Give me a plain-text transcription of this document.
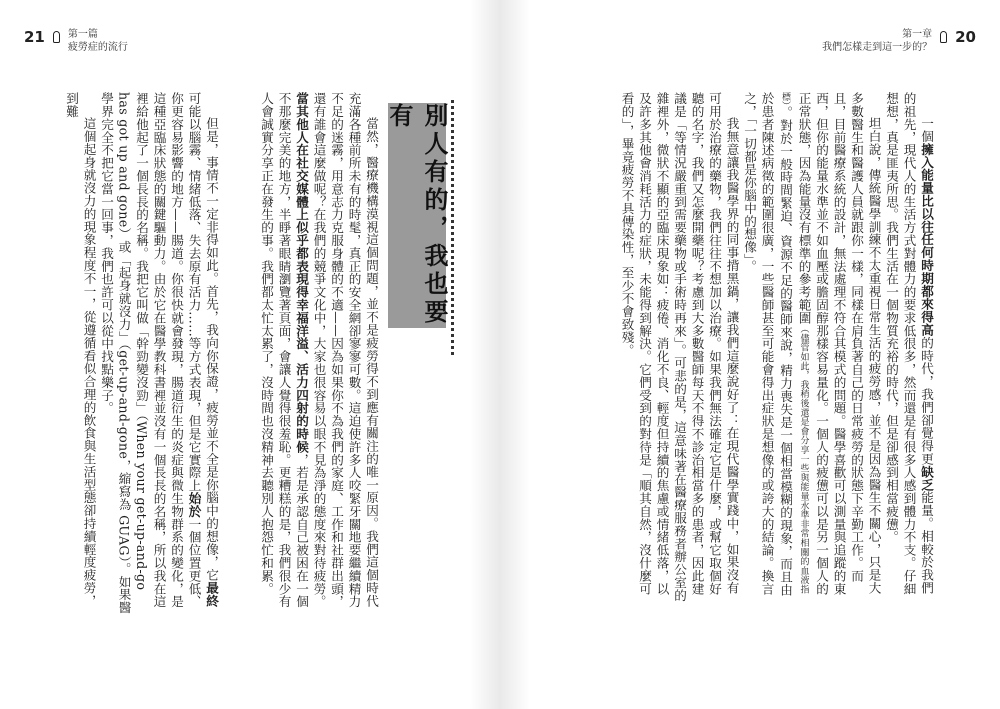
21 第一篇
疲勞症的流行
第一章
我們怎樣走到這一步的？
20

一個擁入能量比以往任何時期都來得高的時代，我們卻覺得更缺乏能量。相較於我們的祖先，現代人的生活方式對體力的要求低很多，然而還是有很多人感到體力不支。仔細想想，真是匪夷所思。我們生活在一個物質充裕的時代，但是卻感到相當疲憊。

坦白說，傳統醫學訓練不太重視日常生活的疲勞感，並不是因為醫生不關心，只是大多數醫生和醫護人員就跟你一樣，同樣在肩負著自己的日常疲勞的狀態下辛勤工作。而且，目前醫療系統的設計，無法處理不符合其模式的問題。醫學喜歡可以測量與追蹤的東西，但你的能量水準並不如血壓或膽固醇那樣容易量化。一個人的疲憊可以是另一個人的正常狀態，因為能量沒有標準的參考範圍（儘管如此，我稍後還是會分享一些與能量水準非常相關的血液指標）。對於一般時間緊迫、資源不足的醫師來說，精力喪失是一個相當模糊的現象，而且由於患者陳述病徵的範圍很廣，一些醫師甚至可能會得出症狀是想像的或誇大的結論。換言之，「一切都是你腦中的想像」。

我無意讓我醫學界的同事揹黑鍋，讓我們這麼說好了：在現代醫學實踐中，如果沒有可用於治療的藥物，我們往往不想加以治療。如果我們無法確定它是什麼，或幫它取個好聽的名字，我們又怎麼開藥呢？考慮到大多數醫師每天不得不診治相當多的患者，因此建議是「等情況嚴重到需要藥物或手術時再來」。可悲的是，這意味著在醫療服務者辦公室的雜裡外，微狀不顯的亞臨床現象如：疲倦、消化不良、輕度但持續的焦慮或情緒低落，以及許多其他會消耗活力的症狀，未能得到解決。它們受到的對待是「順其自然，沒什麼可看的」，畢竟疲勞不具傳染性，至少不會致殘。

別人有的，我也要有

當然，醫療機構漠視這個問題，並不是疲勞得不到應有關注的唯一原因。我們這個時代充滿各種前所未有的時髦，真正的安全網卻寥寥可數。這迫使許多人咬緊牙關地要繼續精力不足的迷霧，用意志力克服身體的不適——因為如果你不為我們的家庭、工作和社群出頭，還有誰會這麼做呢？在我們的競爭文化中，大家也很容易以眼不見為淨的態度來對待疲勞。當其他人在社交媒體上似乎都表現得幸福洋溢、活力四射的時候，若是承認自己被困在一個不那麼完美的地方，半睜著眼睛瀏覽著頁面，會讓人覺得很羞恥。更糟糕的是，我們很少有人會誠實分享正在發生的事。我們都太忙太累了，沒時間也沒精神去聽別人抱怨忙和累。

但是，事情不一定非得如此。首先，我向你保證，疲勞並不全是你腦中的想像，它最終可能以腦霧、情緒低落、失去原有活力……等方式表現，但是它實際上始於一個位置更低、你更容易影響的地方——腸道。你很快就會發現，腸道衍生的炎症與微生物群系的變化，是這種亞臨床狀態的關鍵驅動力。由於它在醫學教科書裡並沒有一個長長的名稱，所以我在這裡給他起了一個長長的名稱。我把它叫做「幹勁變沒勁」（When your get-up-and-go has got up and gone）或「起身就沒力」（get-up-and-gone，縮寫為 GUAG）。如果醫學界完全不把它當一回事，我們也許可以從中找點樂子。

這個起身就沒力的現象程度不一，從遵循看似合理的飲食與生活型態卻持續輕度疲勞，到難
